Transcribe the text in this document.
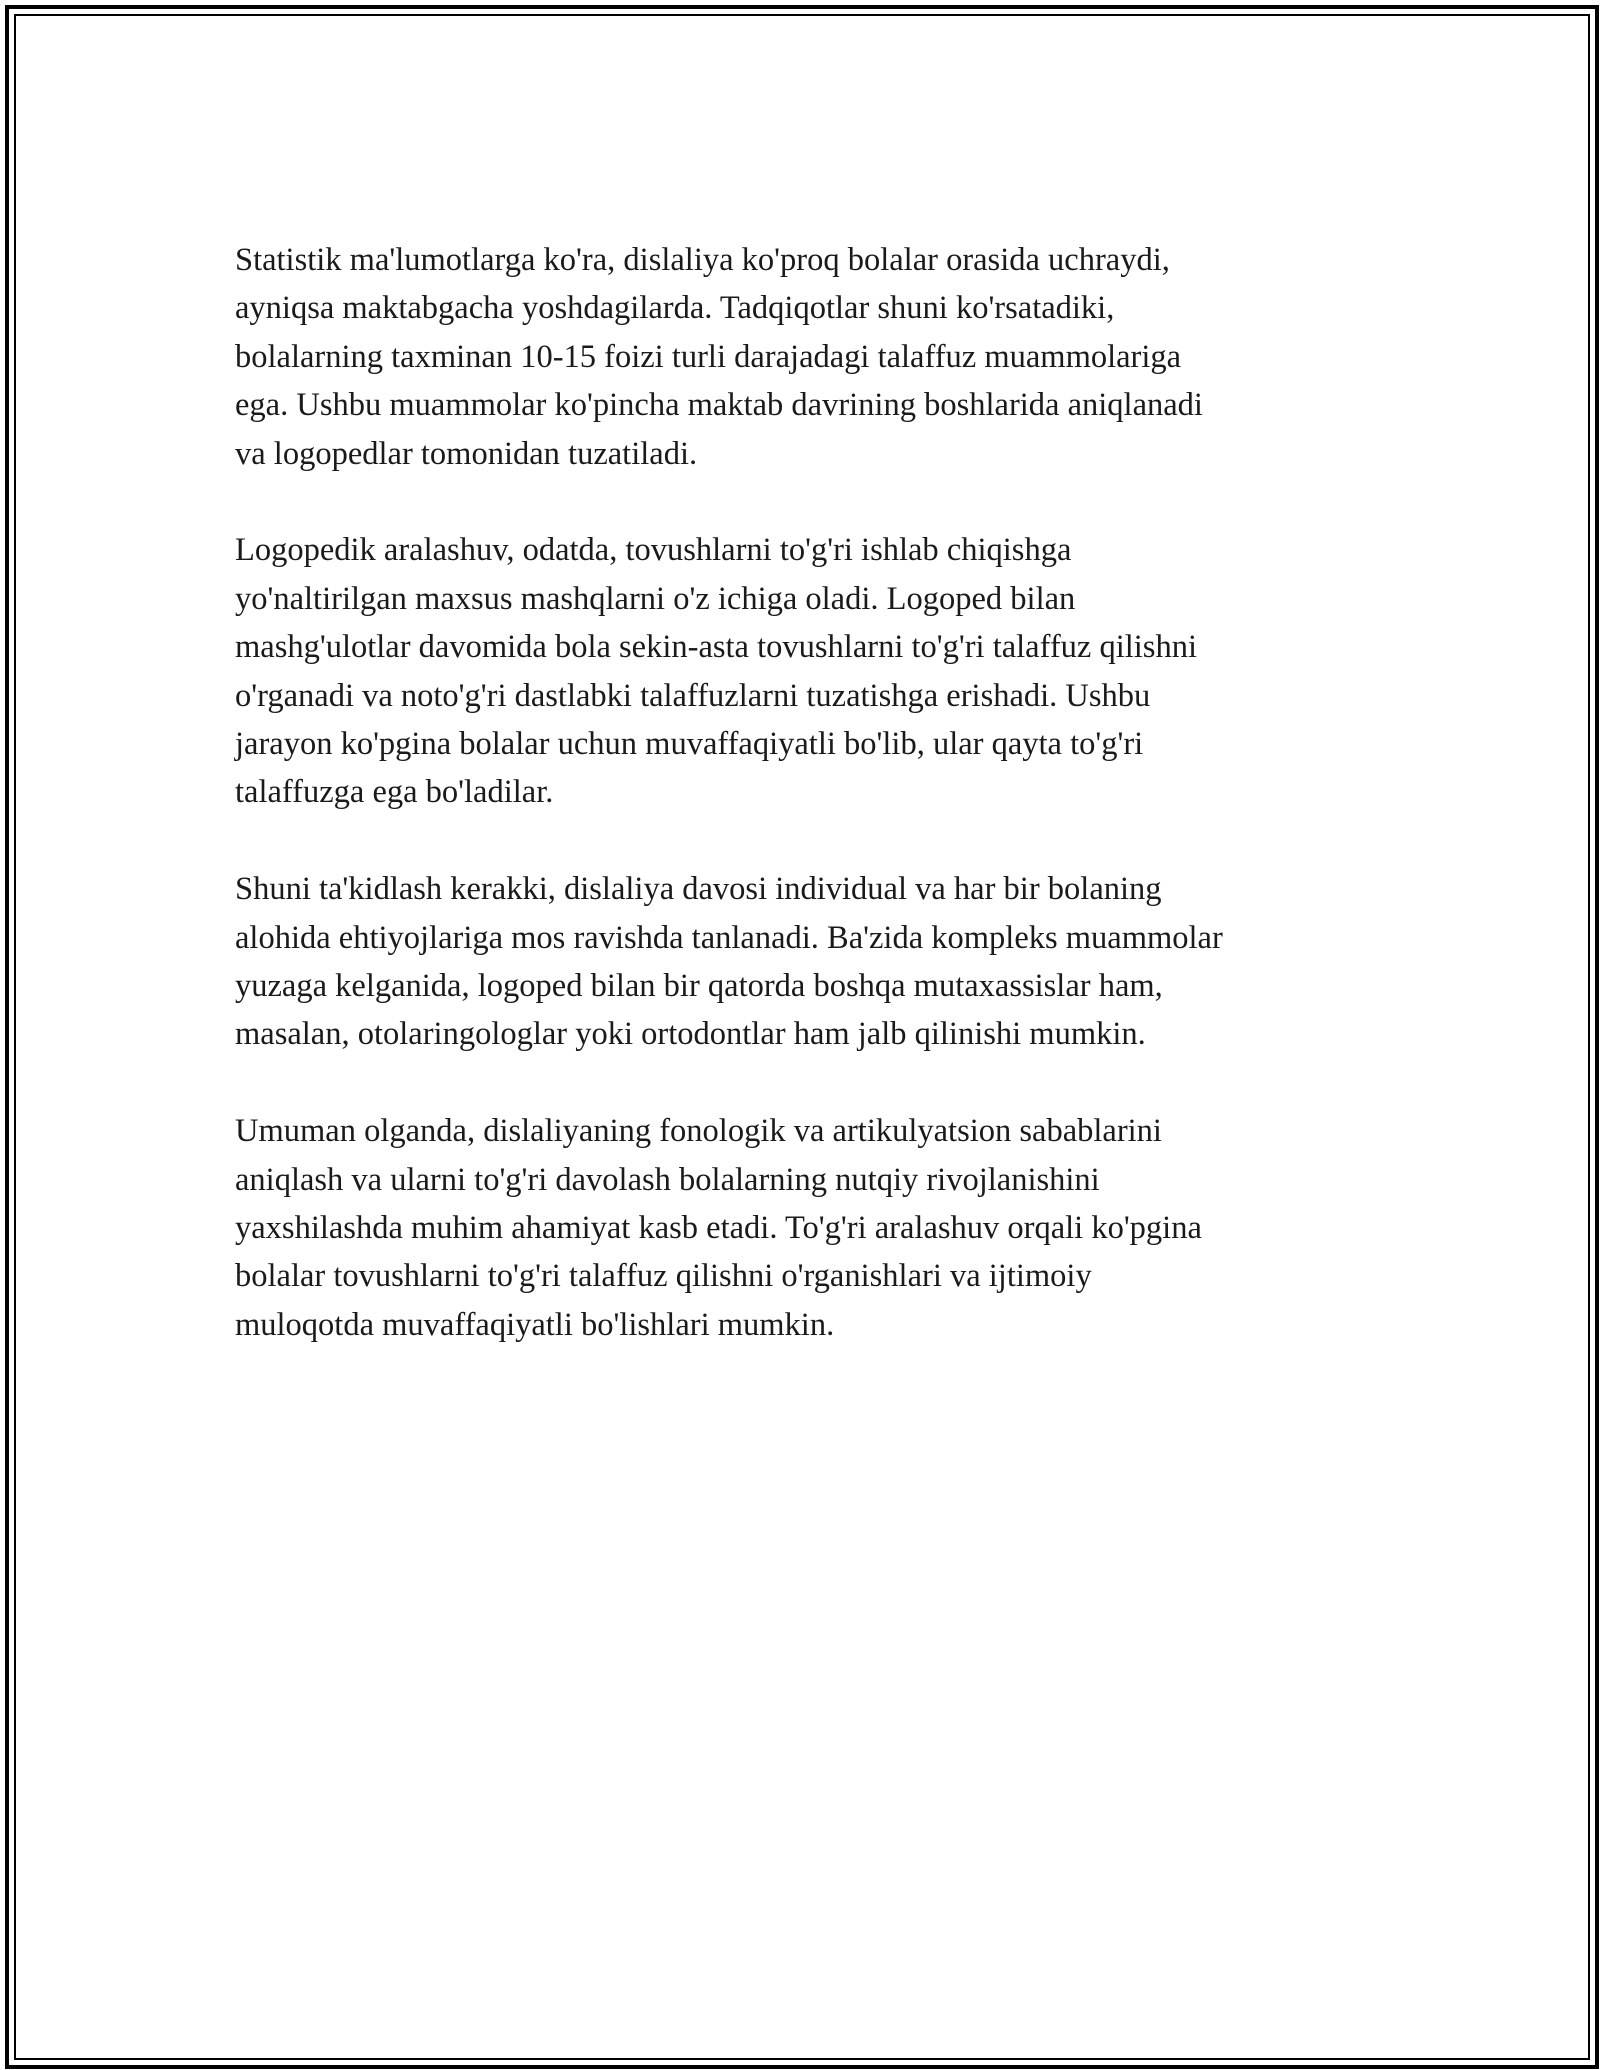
Statistik ma'lumotlarga ko'ra, dislaliya ko'proq bolalar orasida uchraydi,
ayniqsa maktabgacha yoshdagilarda. Tadqiqotlar shuni ko'rsatadiki,
bolalarning taxminan 10-15 foizi turli darajadagi talaffuz muammolariga
ega. Ushbu muammolar ko'pincha maktab davrining boshlarida aniqlanadi
va logopedlar tomonidan tuzatiladi.

Logopedik aralashuv, odatda, tovushlarni to'g'ri ishlab chiqishga
yo'naltirilgan maxsus mashqlarni o'z ichiga oladi. Logoped bilan
mashg'ulotlar davomida bola sekin-asta tovushlarni to'g'ri talaffuz qilishni
o'rganadi va noto'g'ri dastlabki talaffuzlarni tuzatishga erishadi. Ushbu
jarayon ko'pgina bolalar uchun muvaffaqiyatli bo'lib, ular qayta to'g'ri
talaffuzga ega bo'ladilar.

Shuni ta'kidlash kerakki, dislaliya davosi individual va har bir bolaning
alohida ehtiyojlariga mos ravishda tanlanadi. Ba'zida kompleks muammolar
yuzaga kelganida, logoped bilan bir qatorda boshqa mutaxassislar ham,
masalan, otolaringologlar yoki ortodontlar ham jalb qilinishi mumkin.

Umuman olganda, dislaliyaning fonologik va artikulyatsion sabablarini
aniqlash va ularni to'g'ri davolash bolalarning nutqiy rivojlanishini
yaxshilashda muhim ahamiyat kasb etadi. To'g'ri aralashuv orqali ko'pgina
bolalar tovushlarni to'g'ri talaffuz qilishni o'rganishlari va ijtimoiy
muloqotda muvaffaqiyatli bo'lishlari mumkin.
